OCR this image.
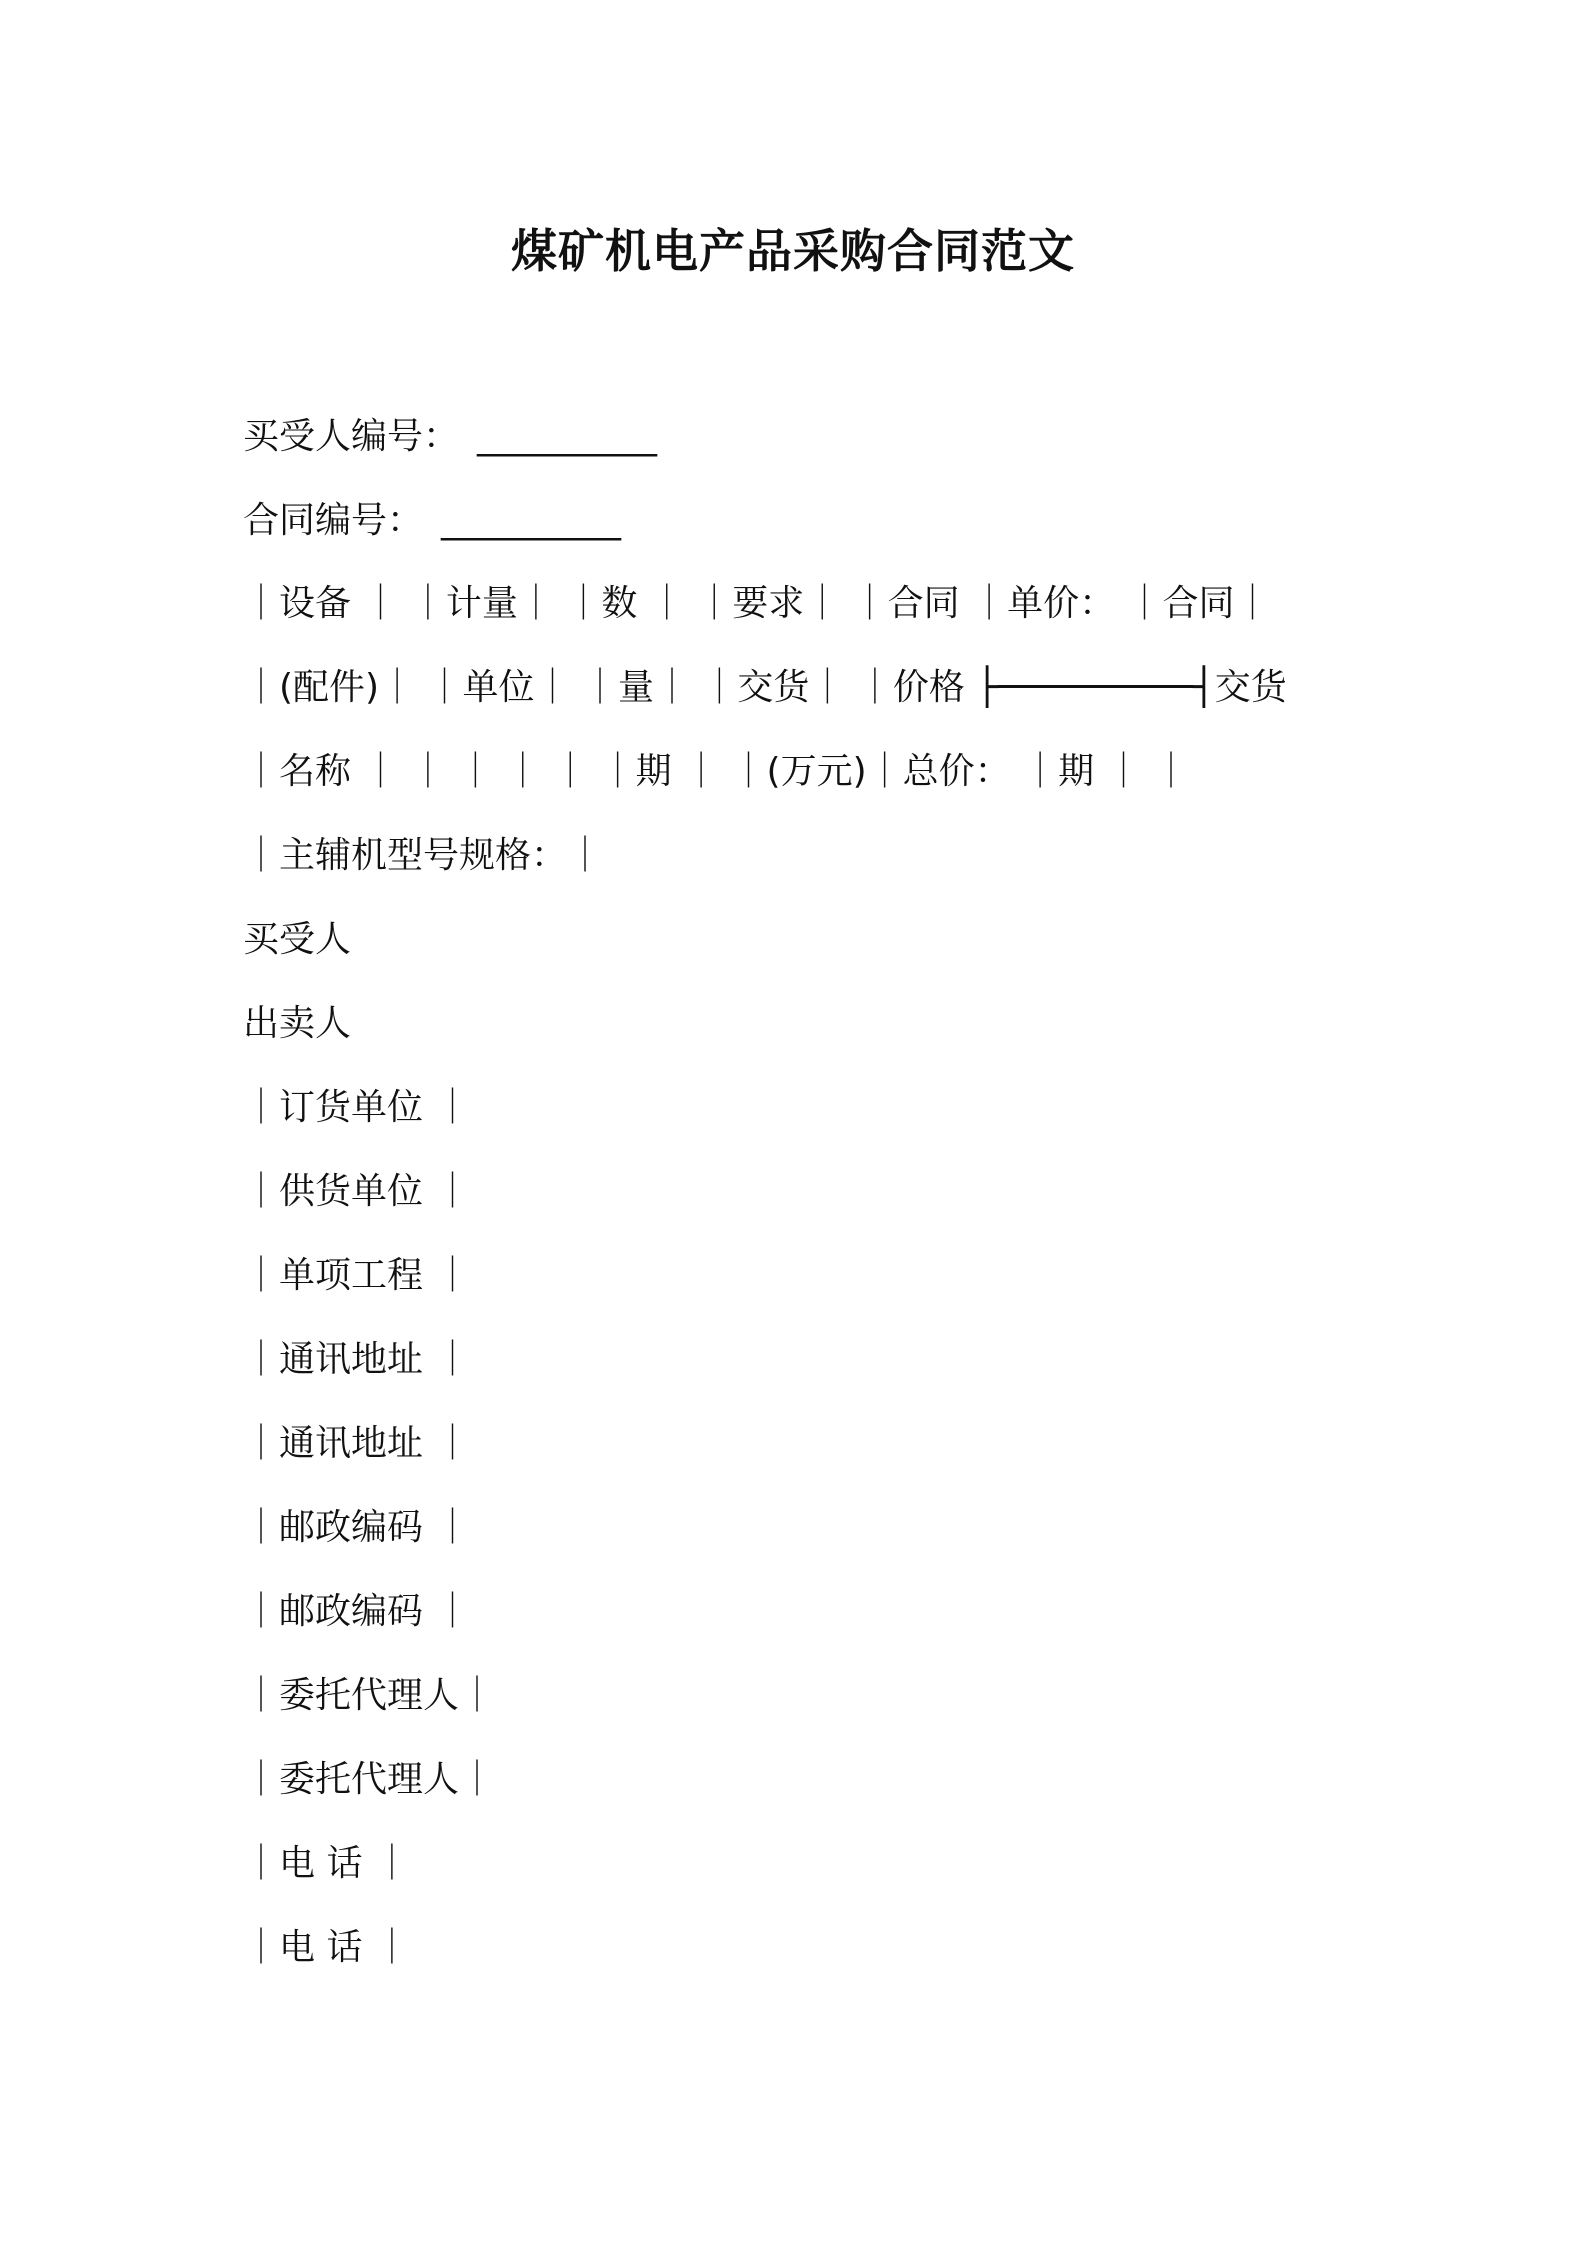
煤矿机电产品采购合同范文
买受人编号： __________
合同编号： __________
｜设备 ｜ ｜计量｜ ｜数 ｜ ｜要求｜ ｜合同 ｜单价： ｜合同｜
｜(配件)｜ ｜单位｜ ｜量｜ ｜交货｜ ｜价格 ├─────────┤交货
｜名称 ｜ ｜ ｜ ｜ ｜ ｜期 ｜ ｜(万元)｜总价： ｜期 ｜ ｜
｜主辅机型号规格：｜
买受人
出卖人
｜订货单位 ｜
｜供货单位 ｜
｜单项工程 ｜
｜通讯地址 ｜
｜通讯地址 ｜
｜邮政编码 ｜
｜邮政编码 ｜
｜委托代理人｜
｜委托代理人｜
｜电 话 ｜
｜电 话 ｜
